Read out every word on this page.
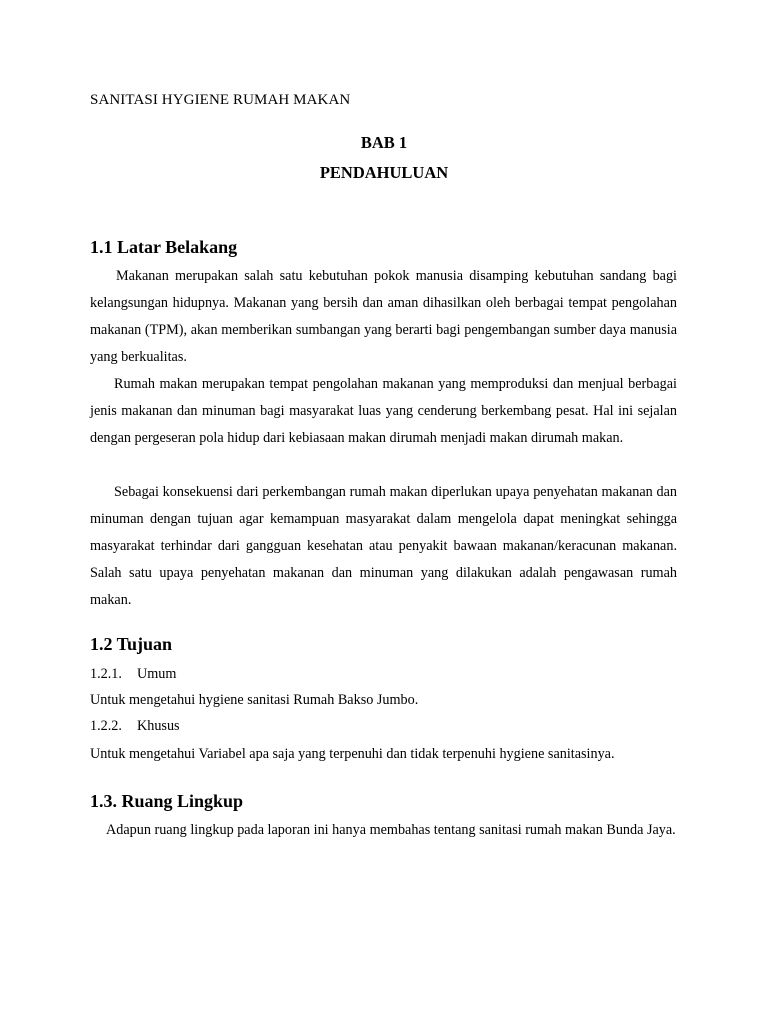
SANITASI HYGIENE RUMAH MAKAN
BAB 1
PENDAHULUAN
1.1 Latar Belakang
Makanan merupakan salah satu kebutuhan pokok manusia disamping kebutuhan sandang bagi kelangsungan hidupnya. Makanan yang bersih dan aman dihasilkan oleh berbagai tempat pengolahan makanan (TPM), akan memberikan sumbangan yang berarti bagi pengembangan sumber daya manusia yang berkualitas.
Rumah makan merupakan tempat pengolahan makanan yang memproduksi dan menjual berbagai jenis makanan dan minuman bagi masyarakat luas yang cenderung berkembang pesat. Hal ini sejalan dengan pergeseran pola hidup dari kebiasaan makan dirumah menjadi makan dirumah makan.
Sebagai konsekuensi dari perkembangan rumah makan diperlukan upaya penyehatan makanan dan minuman dengan tujuan agar kemampuan masyarakat dalam mengelola dapat meningkat sehingga masyarakat terhindar dari gangguan kesehatan atau penyakit bawaan makanan/keracunan makanan. Salah satu upaya penyehatan makanan dan minuman yang dilakukan adalah pengawasan rumah makan.
1.2 Tujuan
1.2.1. Umum
Untuk mengetahui hygiene sanitasi Rumah Bakso Jumbo.
1.2.2. Khusus
Untuk mengetahui Variabel apa saja yang terpenuhi dan tidak terpenuhi hygiene sanitasinya.
1.3. Ruang Lingkup
Adapun ruang lingkup pada laporan ini hanya membahas tentang sanitasi rumah makan Bunda Jaya.
